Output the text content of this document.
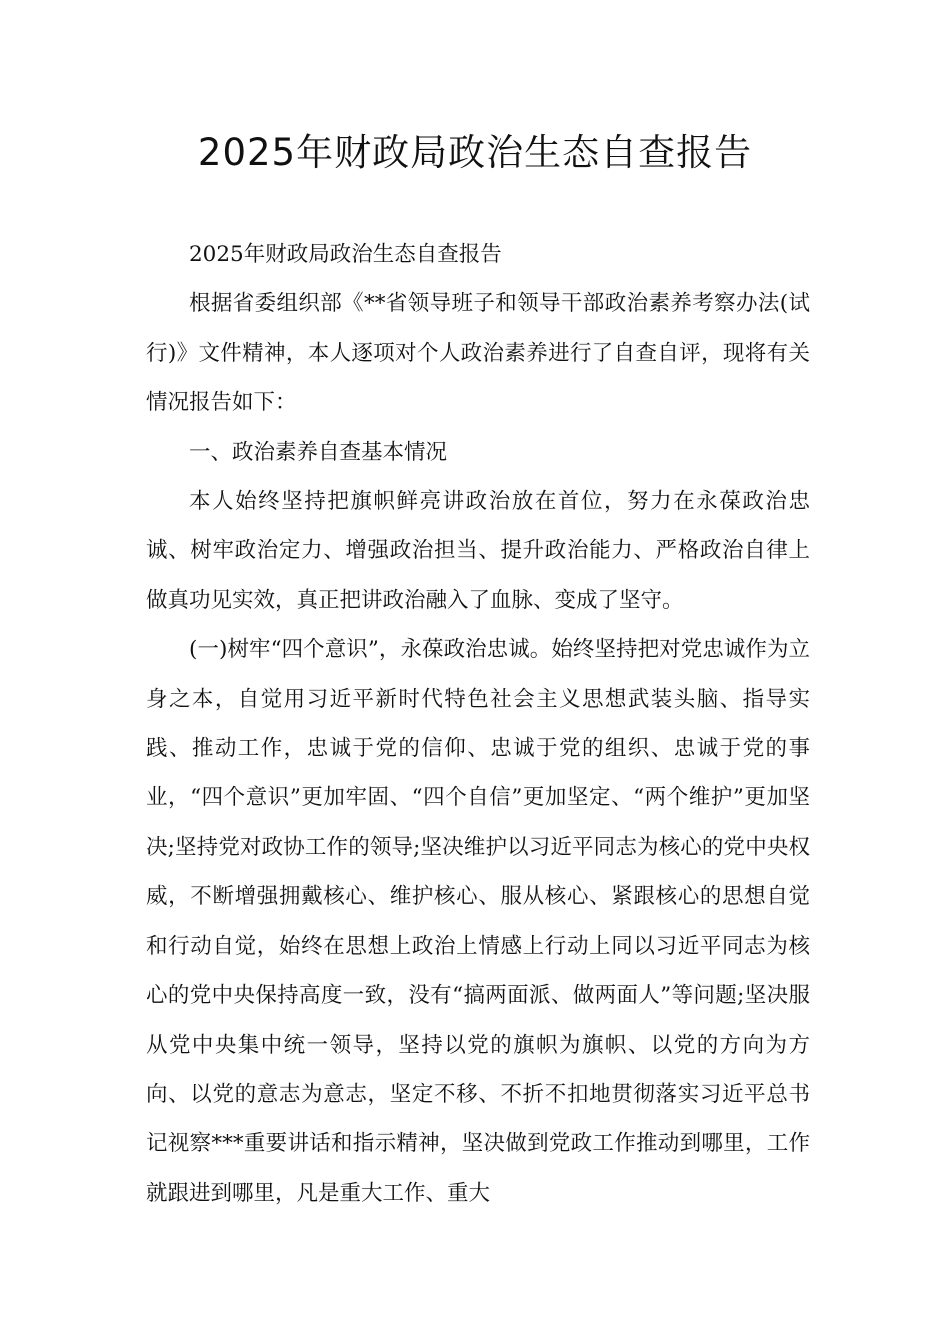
2025年财政局政治生态自查报告

2025年财政局政治生态自查报告

根据省委组织部《**省领导班子和领导干部政治素养考察办法(试行)》文件精神，本人逐项对个人政治素养进行了自查自评，现将有关情况报告如下：

一、政治素养自查基本情况

本人始终坚持把旗帜鲜亮讲政治放在首位，努力在永葆政治忠诚、树牢政治定力、增强政治担当、提升政治能力、严格政治自律上做真功见实效，真正把讲政治融入了血脉、变成了坚守。

(一)树牢“四个意识”，永葆政治忠诚。始终坚持把对党忠诚作为立身之本，自觉用习近平新时代特色社会主义思想武装头脑、指导实践、推动工作，忠诚于党的信仰、忠诚于党的组织、忠诚于党的事业，“四个意识”更加牢固、“四个自信”更加坚定、“两个维护”更加坚决;坚持党对政协工作的领导;坚决维护以习近平同志为核心的党中央权威，不断增强拥戴核心、维护核心、服从核心、紧跟核心的思想自觉和行动自觉，始终在思想上政治上情感上行动上同以习近平同志为核心的党中央保持高度一致，没有“搞两面派、做两面人”等问题;坚决服从党中央集中统一领导，坚持以党的旗帜为旗帜、以党的方向为方向、以党的意志为意志，坚定不移、不折不扣地贯彻落实习近平总书记视察***重要讲话和指示精神，坚决做到党政工作推动到哪里，工作就跟进到哪里，凡是重大工作、重大
